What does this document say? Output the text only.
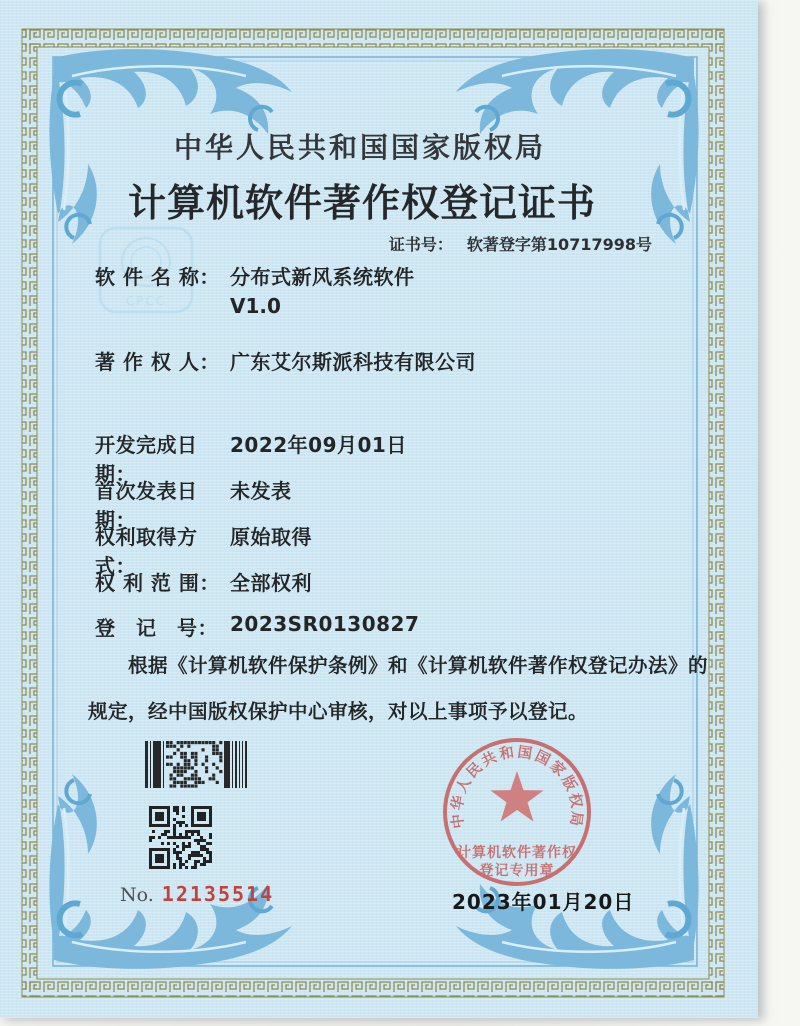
CPCC
中华人民共和国国家版权局
计算机软件著作权登记证书
证书号： 软著登字第10717998号
软 件 名 称： 分布式新风系统软件
V1.0
著 作 权 人： 广东艾尔斯派科技有限公司
开发完成日期：
2022年09月01日
首次发表日期：
未发表
权利取得方式：
原始取得
权 利 范 围： 全部权利
登　记　号： 2023SR0130827
根据《计算机软件保护条例》和《计算机软件著作权登记办法》的
规定，经中国版权保护中心审核，对以上事项予以登记。
中华人民共和国国家版权局
计算机软件著作权
登记专用章
No. 12135514	2023年01月20日
